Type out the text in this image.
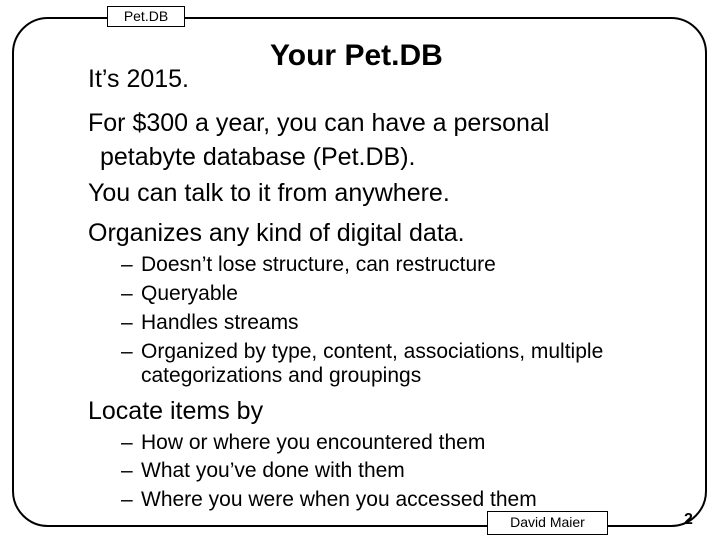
Pet.DB
Your Pet.DB
It’s 2015.
For $300 a year, you can have a personal
petabyte database (Pet.DB).
You can talk to it from anywhere.
Organizes any kind of digital data.
– Doesn’t lose structure, can restructure
– Queryable
– Handles streams
– Organized by type, content, associations, multiple
categorizations and groupings
Locate items by
– How or where you encountered them
– What you’ve done with them
– Where you were when you accessed them
David Maier	2
